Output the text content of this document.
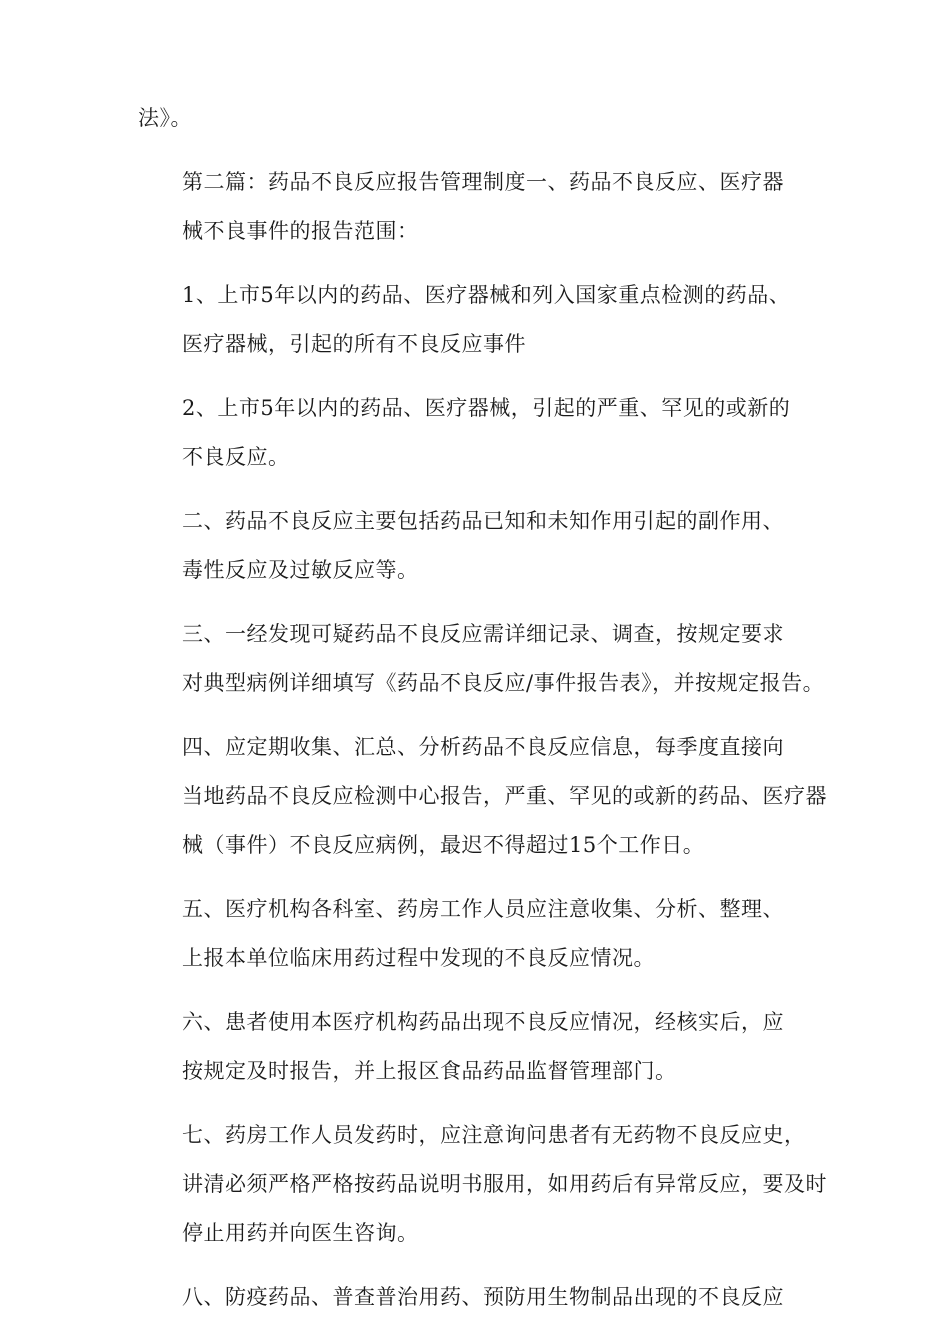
法》。

第二篇：药品不良反应报告管理制度一、药品不良反应、医疗器
械不良事件的报告范围：

1、上市5年以内的药品、医疗器械和列入国家重点检测的药品、
医疗器械，引起的所有不良反应事件

2、上市5年以内的药品、医疗器械，引起的严重、罕见的或新的
不良反应。

二、药品不良反应主要包括药品已知和未知作用引起的副作用、
毒性反应及过敏反应等。

三、一经发现可疑药品不良反应需详细记录、调查，按规定要求
对典型病例详细填写《药品不良反应/事件报告表》，并按规定报告。

四、应定期收集、汇总、分析药品不良反应信息，每季度直接向
当地药品不良反应检测中心报告，严重、罕见的或新的药品、医疗器
械（事件）不良反应病例，最迟不得超过15个工作日。

五、医疗机构各科室、药房工作人员应注意收集、分析、整理、
上报本单位临床用药过程中发现的不良反应情况。

六、患者使用本医疗机构药品出现不良反应情况，经核实后，应
按规定及时报告，并上报区食品药品监督管理部门。

七、药房工作人员发药时，应注意询问患者有无药物不良反应史，
讲清必须严格严格按药品说明书服用，如用药后有异常反应，要及时
停止用药并向医生咨询。

八、防疫药品、普查普治用药、预防用生物制品出现的不良反应
